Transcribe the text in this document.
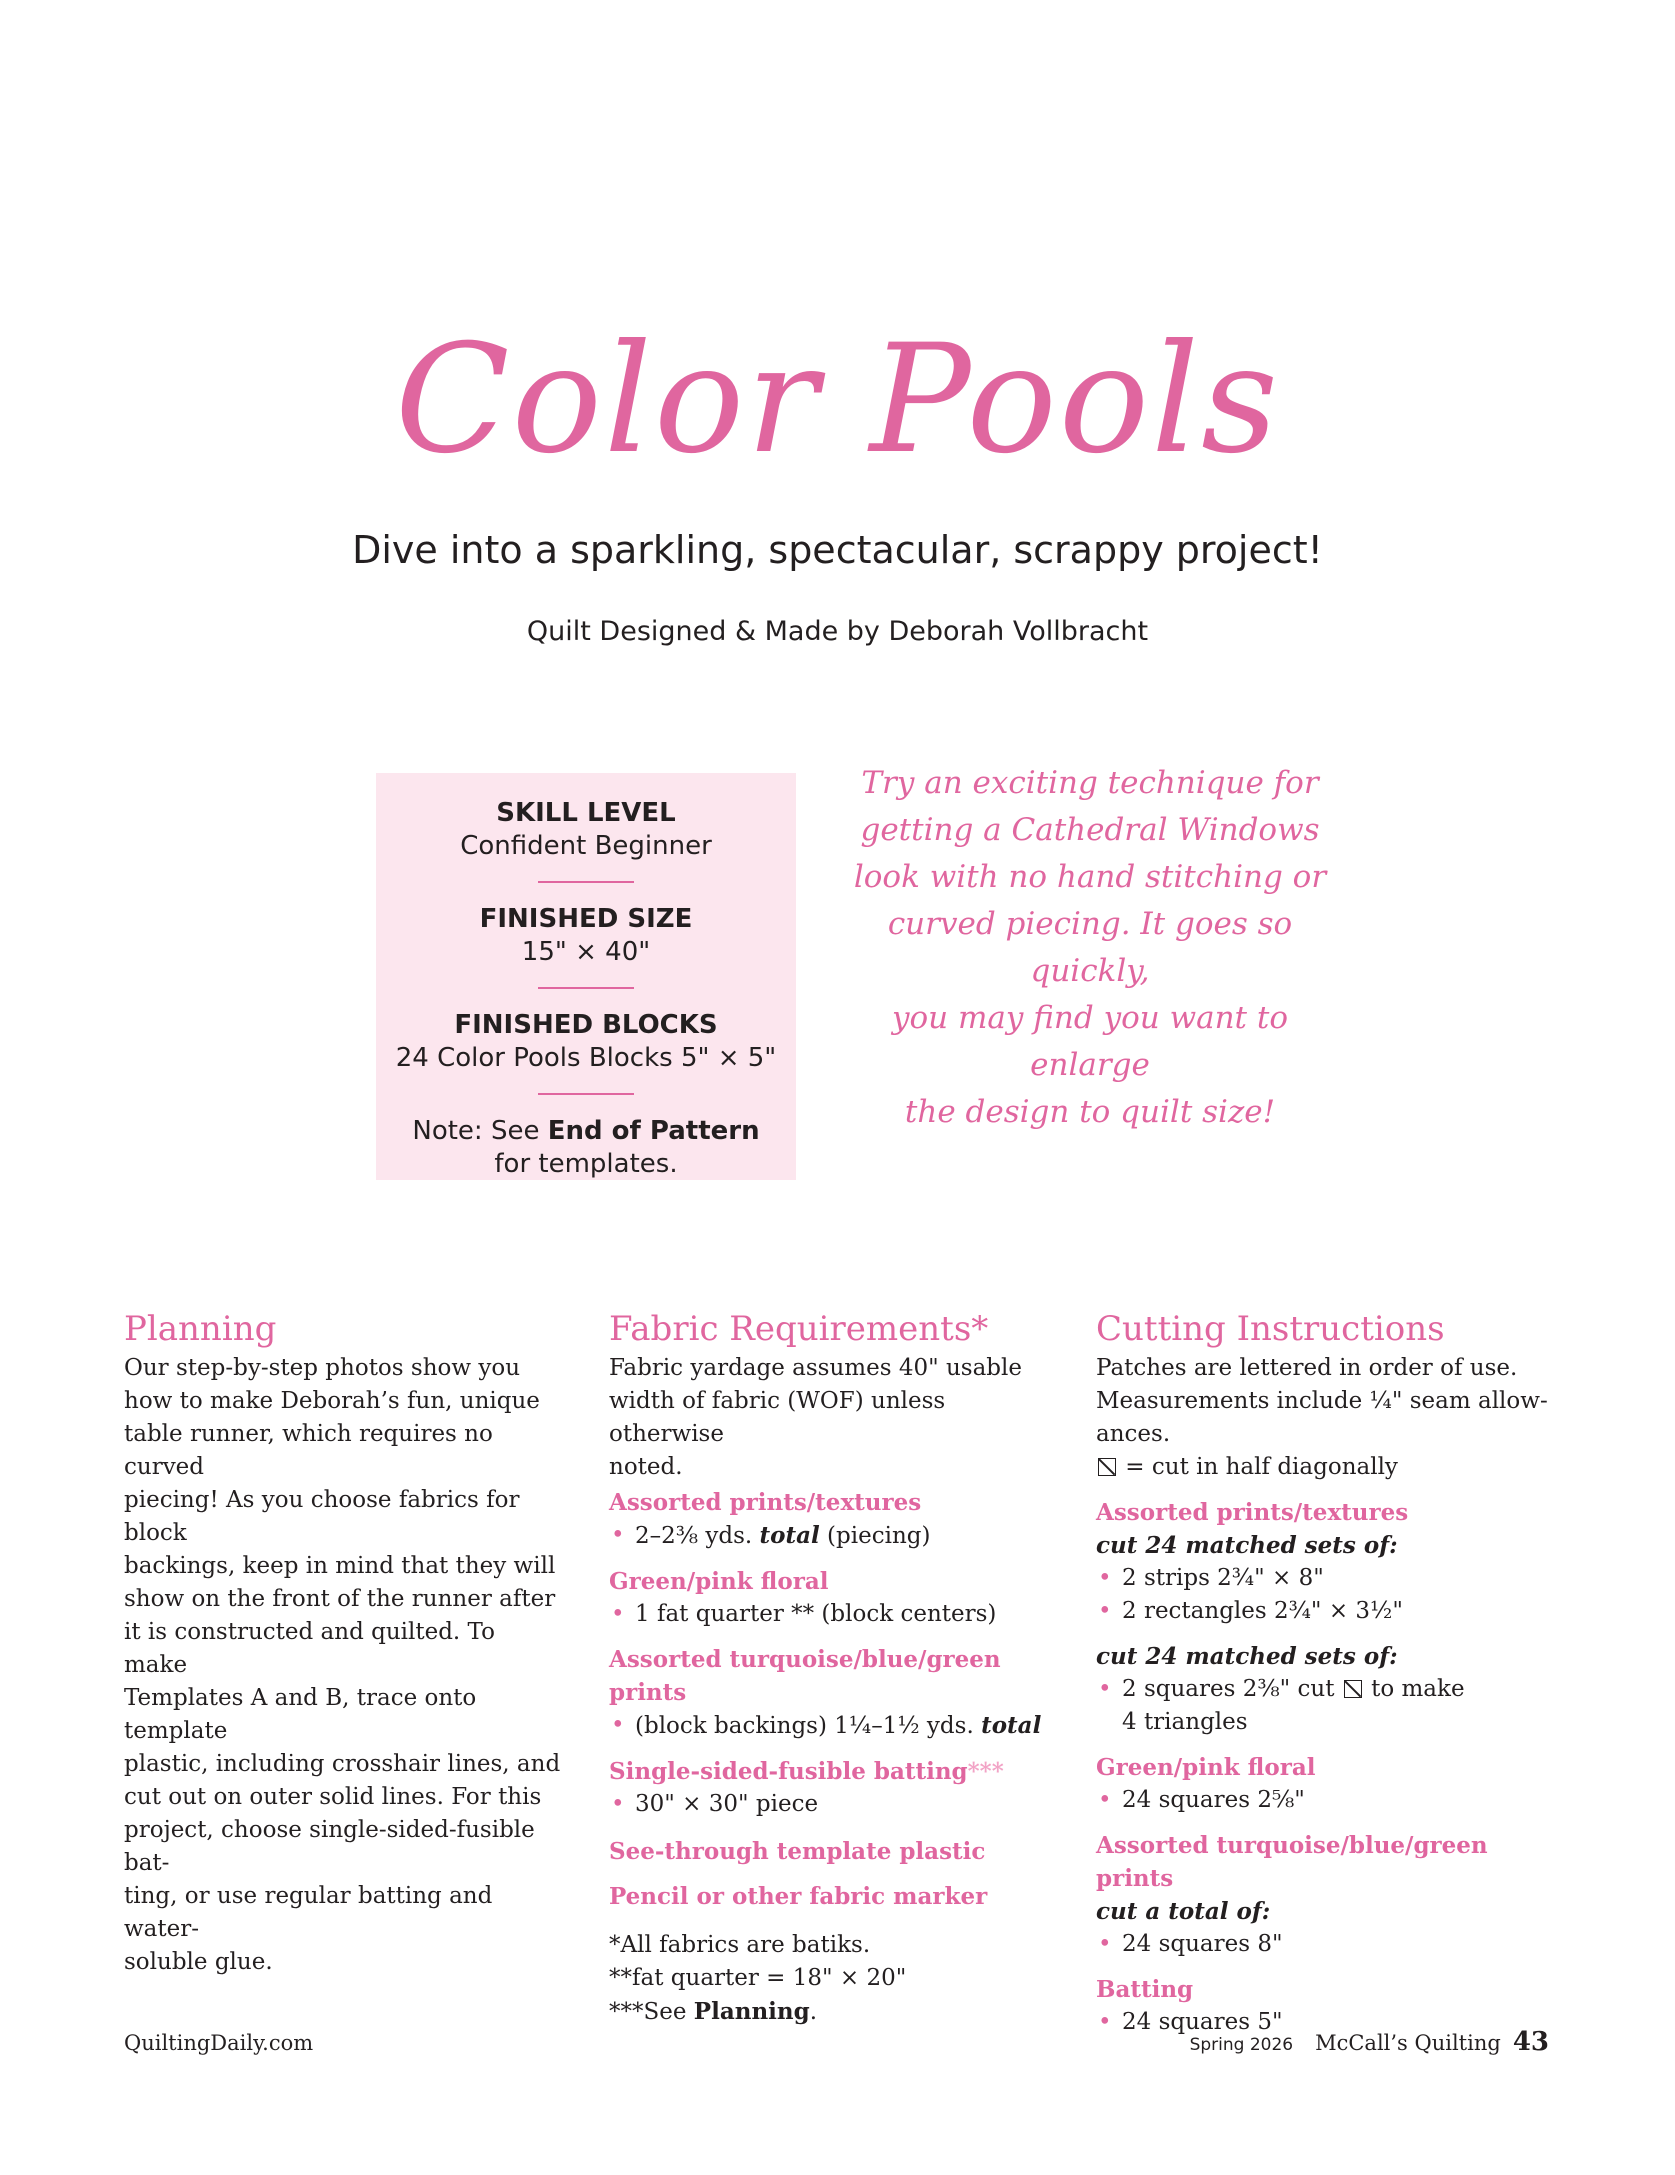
Color Pools
Dive into a sparkling, spectacular, scrappy project!
Quilt Designed & Made by Deborah Vollbracht
SKILL LEVEL
Confident Beginner
FINISHED SIZE
15" × 40"
FINISHED BLOCKS
24 Color Pools Blocks 5" × 5"
Note: See End of Pattern
for templates.
Try an exciting technique for
getting a Cathedral Windows
look with no hand stitching or
curved piecing. It goes so quickly,
you may find you want to enlarge
the design to quilt size!
Planning
Our step-by-step photos show you
how to make Deborah’s fun, unique
table runner, which requires no curved
piecing! As you choose fabrics for block
backings, keep in mind that they will
show on the front of the runner after
it is constructed and quilted. To make
Templates A and B, trace onto template
plastic, including crosshair lines, and
cut out on outer solid lines. For this
project, choose single-sided-fusible bat-
ting, or use regular batting and water-
soluble glue.
Fabric Requirements*
Fabric yardage assumes 40" usable
width of fabric (WOF) unless otherwise
noted.
Assorted prints/textures
• 2–2⅜ yds. total (piecing)
Green/pink floral
• 1 fat quarter ** (block centers)
Assorted turquoise/blue/green
prints
• (block backings) 1¼–1½ yds. total
Single-sided-fusible batting***
• 30" × 30" piece
See-through template plastic
Pencil or other fabric marker
*All fabrics are batiks.
**fat quarter = 18" × 20"
***See Planning.
Cutting Instructions
Patches are lettered in order of use.
Measurements include ¼" seam allow-
ances.
= cut in half diagonally
Assorted prints/textures
cut 24 matched sets of:
• 2 strips 2¾" × 8"
• 2 rectangles 2¾" × 3½"
cut 24 matched sets of:
• 2 squares 2⅜" cut  to make
4 triangles
Green/pink floral
• 24 squares 2⅝"
Assorted turquoise/blue/green prints
cut a total of:
• 24 squares 8"
Batting
• 24 squares 5"
QuiltingDaily.com	Spring 2026 McCall’s Quilting 43
